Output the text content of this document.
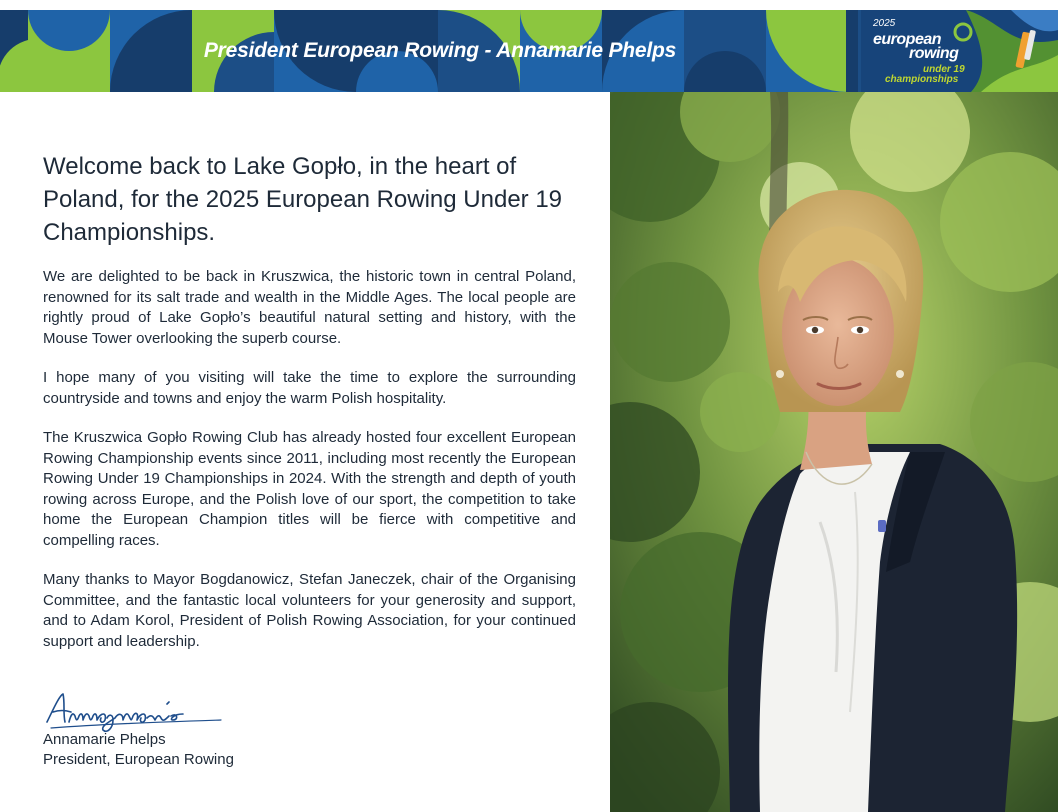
President European Rowing - Annamarie Phelps
2025
european
rowing
under 19
championships
Welcome back to Lake Gopło, in the heart of Poland, for the 2025 European Rowing Under 19 Championships.

We are delighted to be back in Kruszwica, the historic town in central Poland, renowned for its salt trade and wealth in the Middle Ages. The local people are rightly proud of Lake Gopło’s beautiful natural setting and history, with the Mouse Tower overlooking the superb course.

I hope many of you visiting will take the time to explore the surrounding countryside and towns and enjoy the warm Polish hospitality.

The Kruszwica Gopło Rowing Club has already hosted four excellent European Rowing Championship events since 2011, including most recently the European Rowing Under 19 Championships in 2024. With the strength and depth of youth rowing across Europe, and the Polish love of our sport, the competition to take home the European Champion titles will be fierce with competitive and compelling races.

Many thanks to Mayor Bogdanowicz, Stefan Janeczek, chair of the Organising Committee, and the fantastic local volunteers for your generosity and support, and to Adam Korol, President of Polish Rowing Association, for your continued support and leadership.

Annamarie Phelps
President, European Rowing
